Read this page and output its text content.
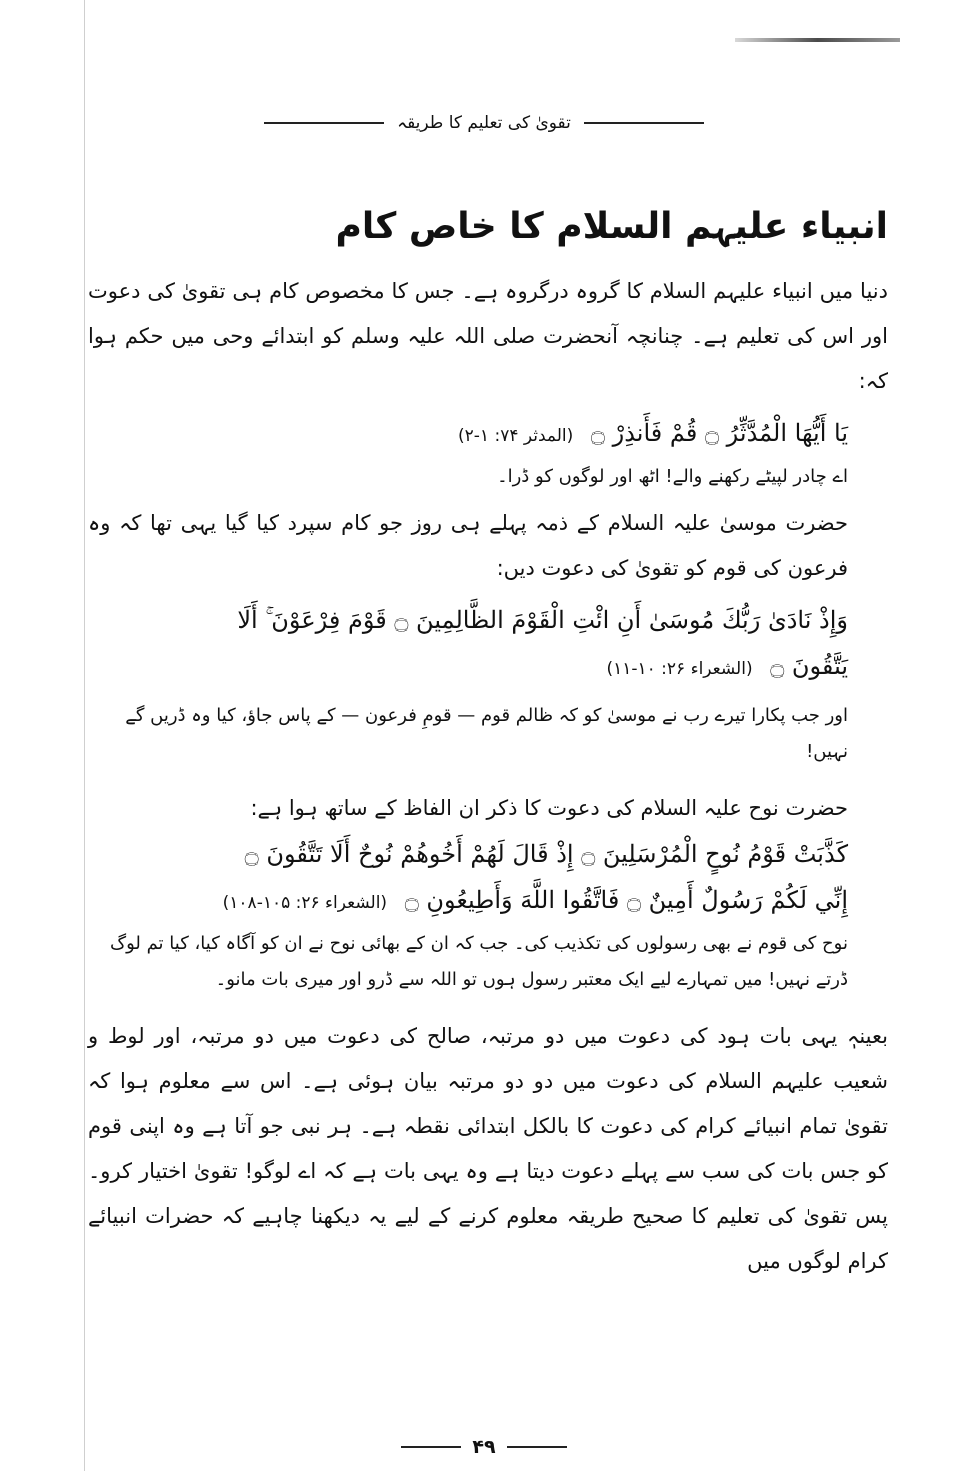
تقویٰ کی تعلیم کا طریقہ
انبیاء علیہم السلام کا خاص کام

دنیا میں انبیاء علیہم السلام کا گروہ درگروہ ہے۔ جس کا مخصوص کام ہی تقویٰ کی دعوت اور اس کی تعلیم ہے۔ چنانچہ آنحضرت صلی اللہ علیہ وسلم کو ابتدائے وحی میں حکم ہوا کہ:

يَا أَيُّهَا الْمُدَّثِّرُ ۝ قُمْ فَأَنذِرْ ۝ (المدثر ۷۴: ۱-۲)

اے چادر لپیٹے رکھنے والے! اٹھ اور لوگوں کو ڈرا۔

حضرت موسیٰ علیہ السلام کے ذمہ پہلے ہی روز جو کام سپرد کیا گیا یہی تھا کہ وہ فرعون کی قوم کو تقویٰ کی دعوت دیں:

وَإِذْ نَادَىٰ رَبُّكَ مُوسَىٰ أَنِ ائْتِ الْقَوْمَ الظَّالِمِينَ ۝ قَوْمَ فِرْعَوْنَ ۚ أَلَا

يَتَّقُونَ ۝ (الشعراء ۲۶: ۱۰-۱۱)

اور جب پکارا تیرے رب نے موسیٰ کو کہ ظالم قوم — قومِ فرعون — کے پاس جاؤ، کیا وہ ڈریں گے نہیں!

حضرت نوح علیہ السلام کی دعوت کا ذکر ان الفاظ کے ساتھ ہوا ہے:

كَذَّبَتْ قَوْمُ نُوحٍ الْمُرْسَلِينَ ۝ إِذْ قَالَ لَهُمْ أَخُوهُمْ نُوحٌ أَلَا تَتَّقُونَ ۝

إِنِّي لَكُمْ رَسُولٌ أَمِينٌ ۝ فَاتَّقُوا اللَّهَ وَأَطِيعُونِ ۝ (الشعراء ۲۶: ۱۰۵-۱۰۸)

نوح کی قوم نے بھی رسولوں کی تکذیب کی۔ جب کہ ان کے بھائی نوح نے ان کو آگاہ کیا، کیا تم لوگ ڈرتے نہیں! میں تمہارے لیے ایک معتبر رسول ہوں تو اللہ سے ڈرو اور میری بات مانو۔

بعینہٖ یہی بات ہود کی دعوت میں دو مرتبہ، صالح کی دعوت میں دو مرتبہ، اور لوط و شعیب علیہم السلام کی دعوت میں دو دو مرتبہ بیان ہوئی ہے۔ اس سے معلوم ہوا کہ تقویٰ تمام انبیائے کرام کی دعوت کا بالکل ابتدائی نقطہ ہے۔ ہر نبی جو آتا ہے وہ اپنی قوم کو جس بات کی سب سے پہلے دعوت دیتا ہے وہ یہی بات ہے کہ اے لوگو! تقویٰ اختیار کرو۔ پس تقویٰ کی تعلیم کا صحیح طریقہ معلوم کرنے کے لیے یہ دیکھنا چاہیے کہ حضرات انبیائے کرام لوگوں میں

۴۹
